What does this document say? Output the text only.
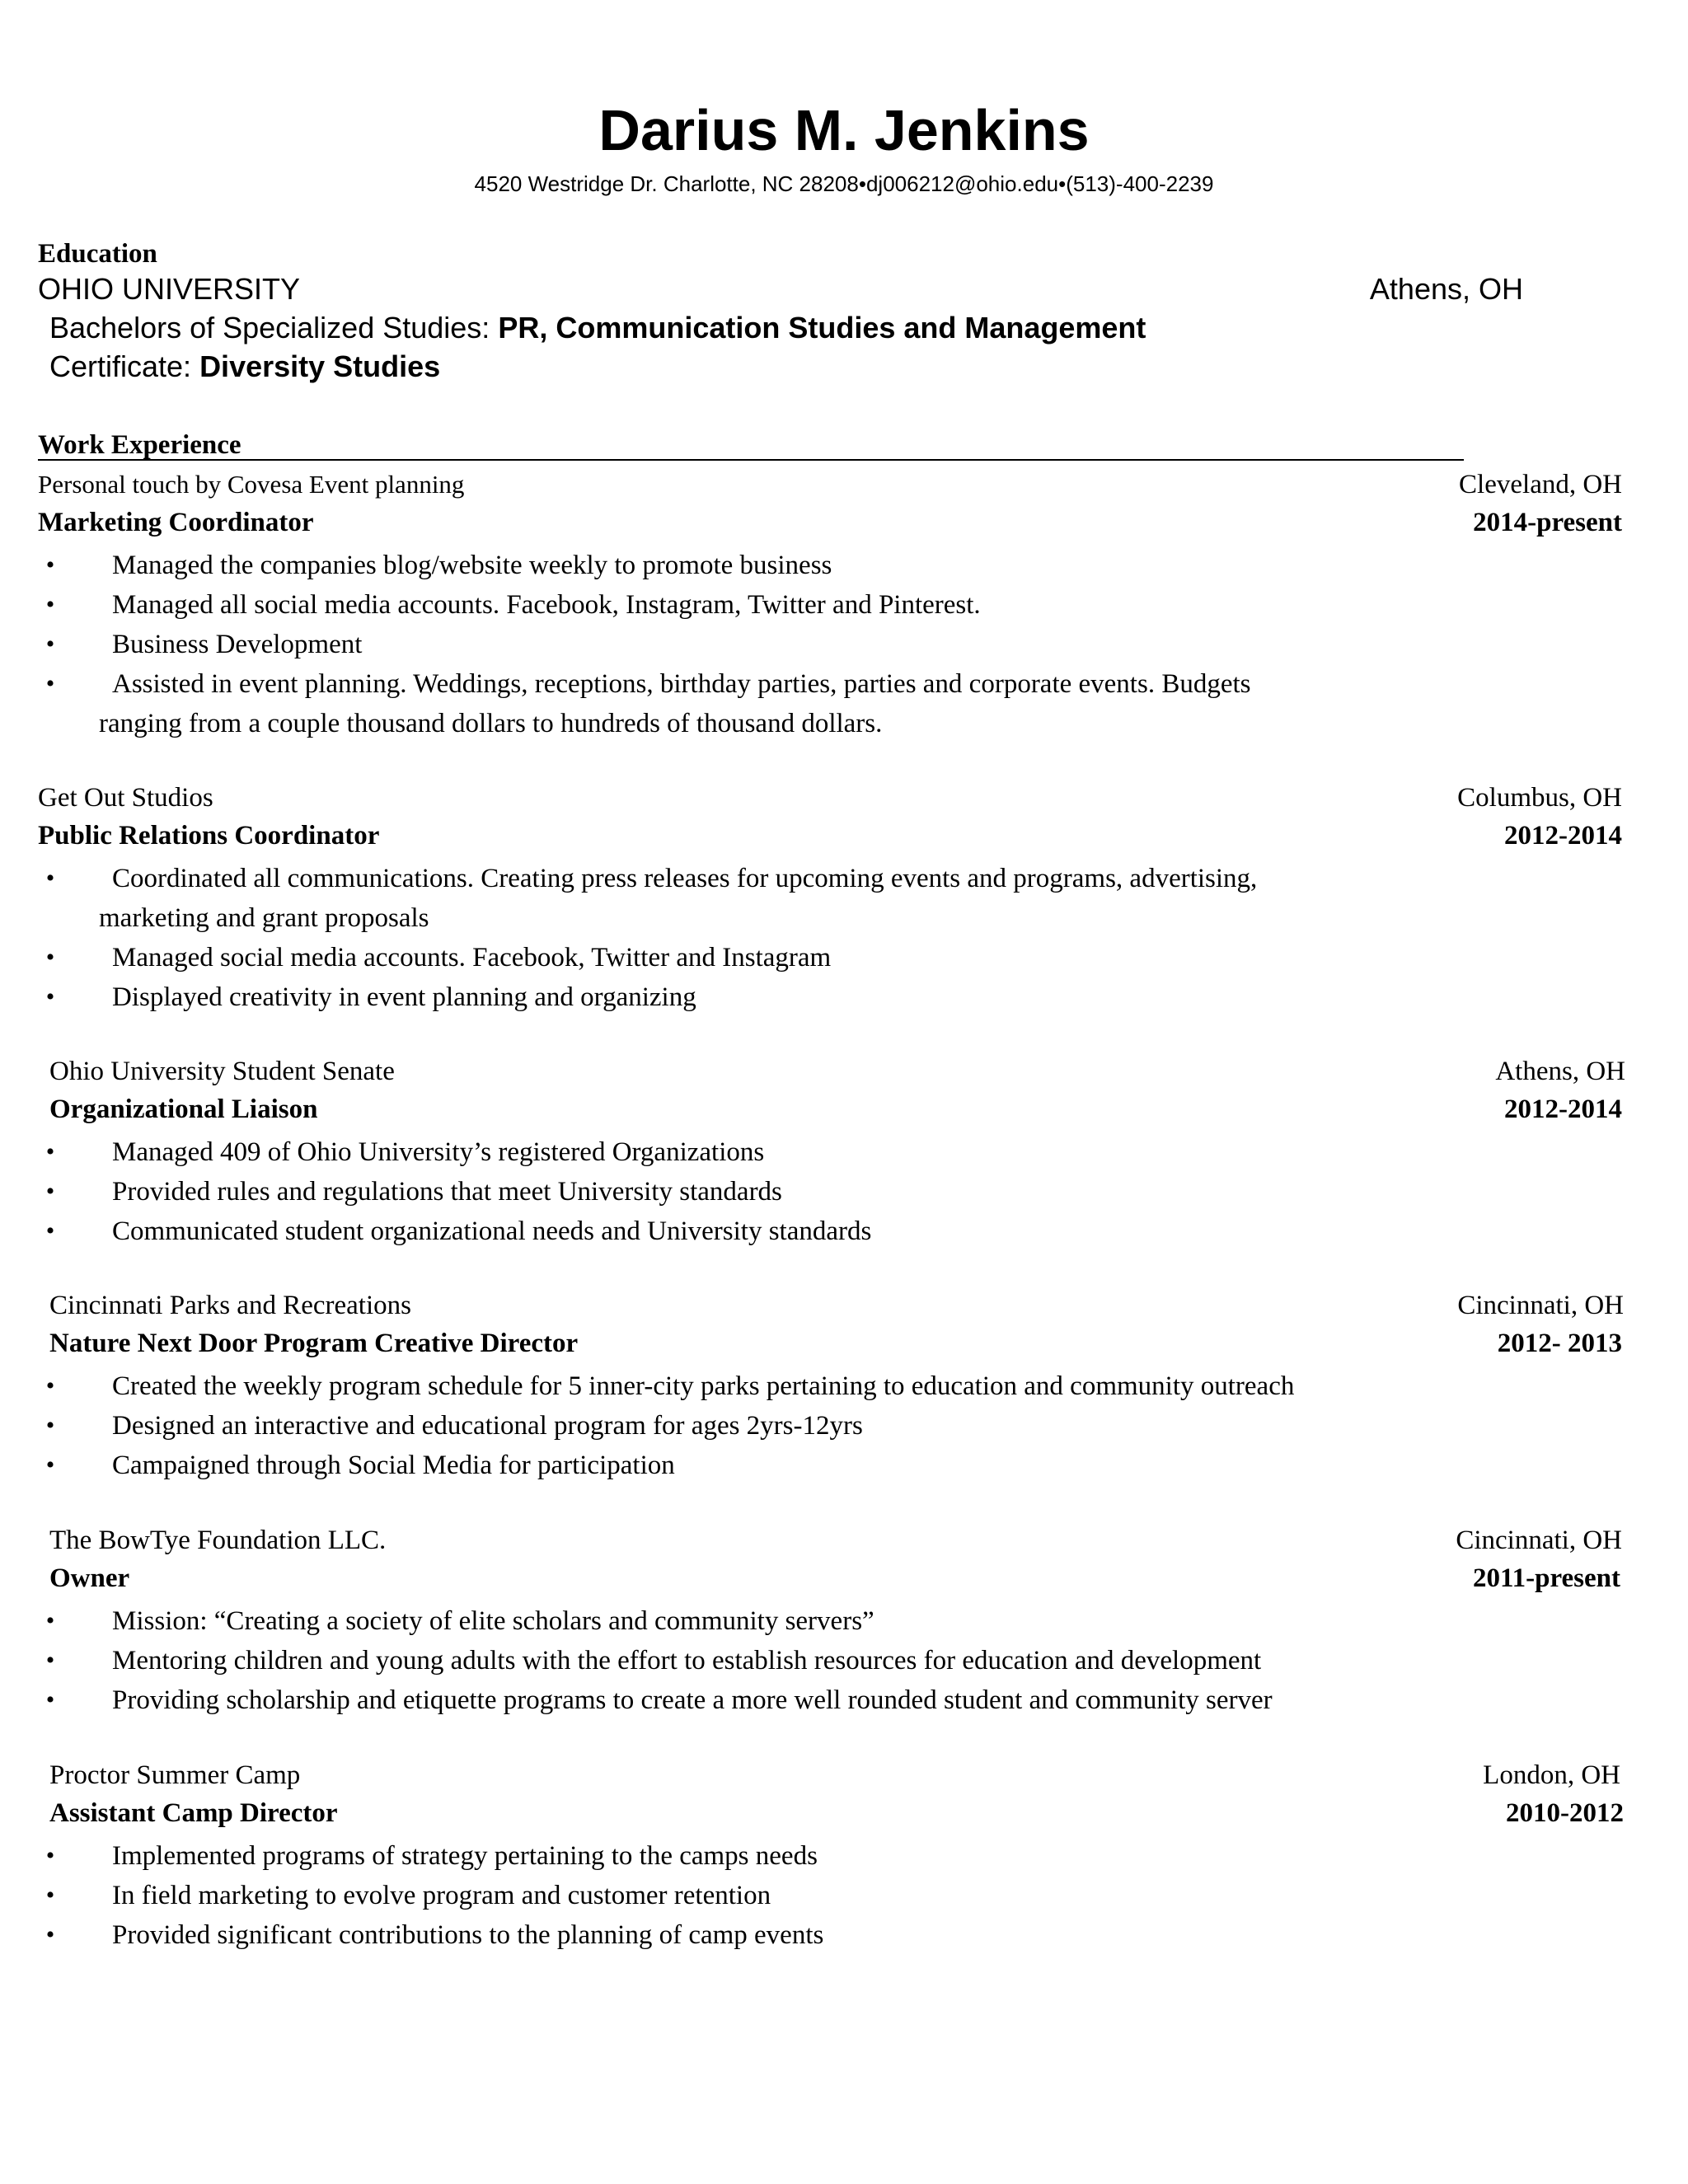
Darius M. Jenkins
4520 Westridge Dr. Charlotte, NC 28208•dj006212@ohio.edu•(513)-400-2239
Education
OHIO UNIVERSITY	Athens, OH
Bachelors of Specialized Studies: PR, Communication Studies and Management
Certificate: Diversity Studies
Work Experience
Personal touch by Covesa Event planning	Cleveland, OH
Marketing Coordinator	2014-present
• Managed the companies blog/website weekly to promote business
• Managed all social media accounts. Facebook, Instagram, Twitter and Pinterest.
• Business Development
• Assisted in event planning. Weddings, receptions, birthday parties, parties and corporate events. Budgets
ranging from a couple thousand dollars to hundreds of thousand dollars.
Get Out Studios	Columbus, OH
Public Relations Coordinator	2012-2014
• Coordinated all communications. Creating press releases for upcoming events and programs, advertising,
marketing and grant proposals
• Managed social media accounts. Facebook, Twitter and Instagram
• Displayed creativity in event planning and organizing
Ohio University Student Senate	Athens, OH
Organizational Liaison	2012-2014
• Managed 409 of Ohio University’s registered Organizations
• Provided rules and regulations that meet University standards
• Communicated student organizational needs and University standards
Cincinnati Parks and Recreations	Cincinnati, OH
Nature Next Door Program Creative Director	2012- 2013
• Created the weekly program schedule for 5 inner-city parks pertaining to education and community outreach
• Designed an interactive and educational program for ages 2yrs-12yrs
• Campaigned through Social Media for participation
The BowTye Foundation LLC.	Cincinnati, OH
Owner	2011-present
• Mission: “Creating a society of elite scholars and community servers”
• Mentoring children and young adults with the effort to establish resources for education and development
• Providing scholarship and etiquette programs to create a more well rounded student and community server
Proctor Summer Camp	London, OH
Assistant Camp Director	2010-2012
• Implemented programs of strategy pertaining to the camps needs
• In field marketing to evolve program and customer retention
• Provided significant contributions to the planning of camp events
